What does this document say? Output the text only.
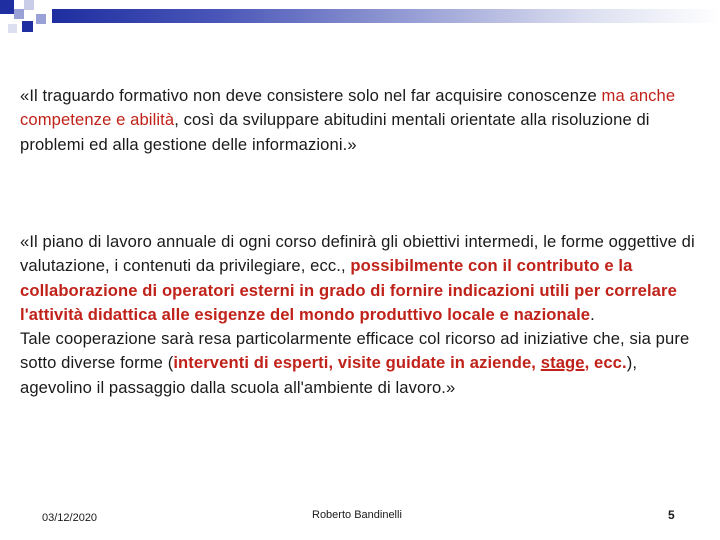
«Il traguardo formativo non deve consistere solo nel far acquisire conoscenze ma anche competenze e abilità, così da sviluppare abitudini mentali orientate alla risoluzione di problemi ed alla gestione delle informazioni.»
«Il piano di lavoro annuale di ogni corso definirà gli obiettivi intermedi, le forme oggettive di valutazione, i contenuti da privilegiare, ecc., possibilmente con il contributo e la collaborazione di operatori esterni in grado di fornire indicazioni utili per correlare l'attività didattica alle esigenze del mondo produttivo locale e nazionale.
Tale cooperazione sarà resa particolarmente efficace col ricorso ad iniziative che, sia pure sotto diverse forme (interventi di esperti, visite guidate in aziende, stage, ecc.), agevolino il passaggio dalla scuola all'ambiente di lavoro.»
03/12/2020	Roberto Bandinelli	5
